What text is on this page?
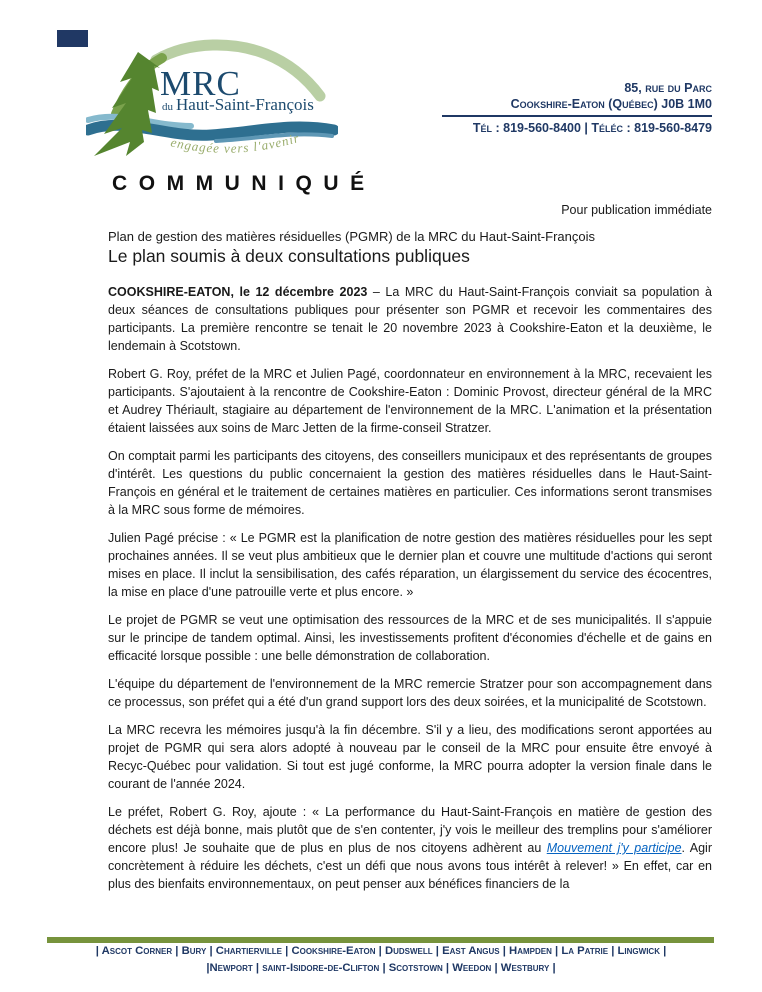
MRC
du Haut-Saint-François
engagée vers l'avenir
85, rue du Parc
Cookshire-Eaton (Québec) J0B 1M0
Tél : 819-560-8400 | Téléc : 819-560-8479
COMMUNIQUÉ
Pour publication immédiate
Plan de gestion des matières résiduelles (PGMR) de la MRC du Haut-Saint-François
Le plan soumis à deux consultations publiques

COOKSHIRE-EATON, le 12 décembre 2023 – La MRC du Haut-Saint-François conviait sa population à deux séances de consultations publiques pour présenter son PGMR et recevoir les commentaires des participants. La première rencontre se tenait le 20 novembre 2023 à Cookshire-Eaton et la deuxième, le lendemain à Scotstown.

Robert G. Roy, préfet de la MRC et Julien Pagé, coordonnateur en environnement à la MRC, recevaient les participants. S'ajoutaient à la rencontre de Cookshire-Eaton : Dominic Provost, directeur général de la MRC et Audrey Thériault, stagiaire au département de l'environnement de la MRC. L'animation et la présentation étaient laissées aux soins de Marc Jetten de la firme-conseil Stratzer.

On comptait parmi les participants des citoyens, des conseillers municipaux et des représentants de groupes d'intérêt. Les questions du public concernaient la gestion des matières résiduelles dans le Haut-Saint-François en général et le traitement de certaines matières en particulier. Ces informations seront transmises à la MRC sous forme de mémoires.

Julien Pagé précise : « Le PGMR est la planification de notre gestion des matières résiduelles pour les sept prochaines années. Il se veut plus ambitieux que le dernier plan et couvre une multitude d'actions qui seront mises en place. Il inclut la sensibilisation, des cafés réparation, un élargissement du service des écocentres, la mise en place d'une patrouille verte et plus encore. »

Le projet de PGMR se veut une optimisation des ressources de la MRC et de ses municipalités. Il s'appuie sur le principe de tandem optimal. Ainsi, les investissements profitent d'économies d'échelle et de gains en efficacité lorsque possible : une belle démonstration de collaboration.

L'équipe du département de l'environnement de la MRC remercie Stratzer pour son accompagnement dans ce processus, son préfet qui a été d'un grand support lors des deux soirées, et la municipalité de Scotstown.

La MRC recevra les mémoires jusqu'à la fin décembre. S'il y a lieu, des modifications seront apportées au projet de PGMR qui sera alors adopté à nouveau par le conseil de la MRC pour ensuite être envoyé à Recyc-Québec pour validation. Si tout est jugé conforme, la MRC pourra adopter la version finale dans le courant de l'année 2024.

Le préfet, Robert G. Roy, ajoute : « La performance du Haut-Saint-François en matière de gestion des déchets est déjà bonne, mais plutôt que de s'en contenter, j'y vois le meilleur des tremplins pour s'améliorer encore plus! Je souhaite que de plus en plus de nos citoyens adhèrent au Mouvement j'y participe. Agir concrètement à réduire les déchets, c'est un défi que nous avons tous intérêt à relever! » En effet, car en plus des bienfaits environnementaux, on peut penser aux bénéfices financiers de la

| Ascot Corner | Bury | Chartierville | Cookshire-Eaton | Dudswell | East Angus | Hampden | La Patrie | Lingwick |
|Newport | saint-Isidore-de-Clifton | Scotstown | Weedon | Westbury |
